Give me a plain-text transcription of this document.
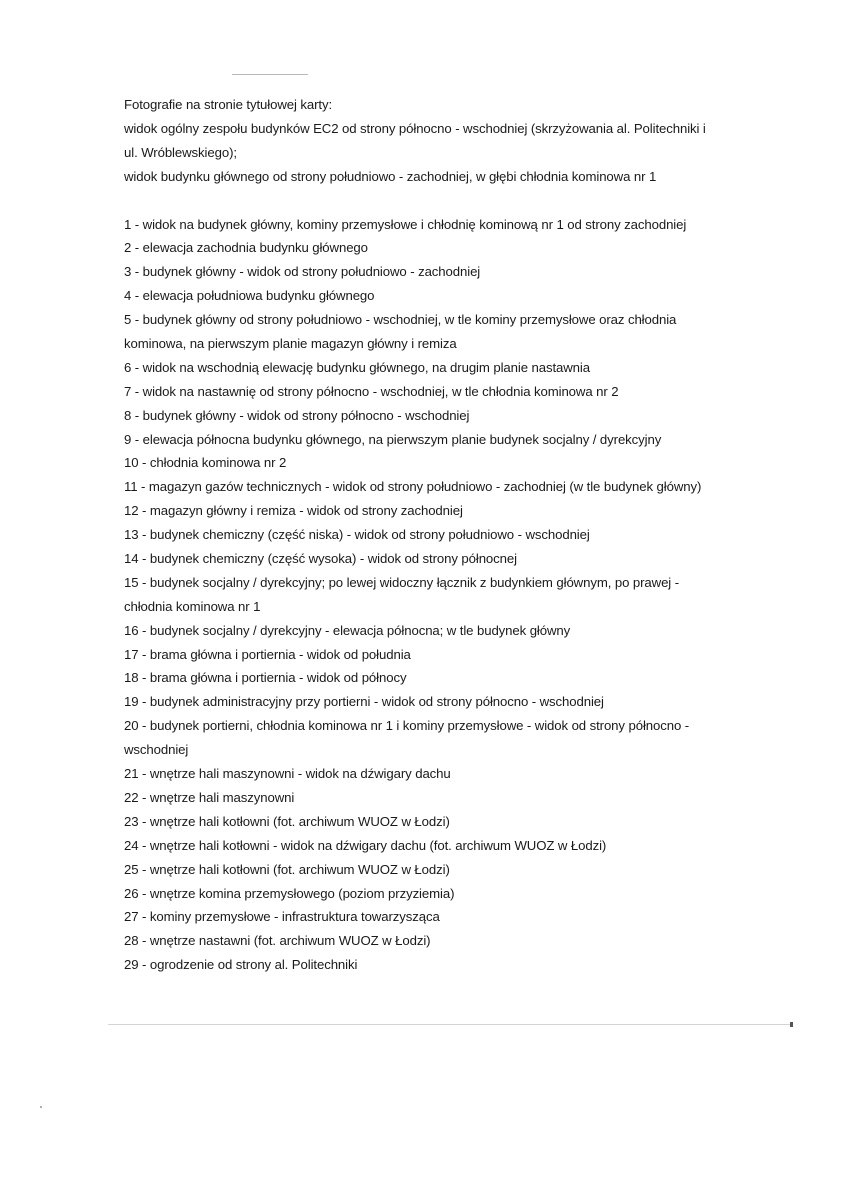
Fotografie na stronie tytułowej karty:
widok ogólny zespołu budynków EC2 od strony północno - wschodniej (skrzyżowania al. Politechniki i
ul. Wróblewskiego);
widok budynku głównego od strony południowo - zachodniej, w głębi chłodnia kominowa nr 1
1 - widok na budynek główny, kominy przemysłowe i chłodnię kominową nr 1 od strony zachodniej
2 - elewacja zachodnia budynku głównego
3 - budynek główny - widok od strony południowo - zachodniej
4 - elewacja południowa budynku głównego
5 - budynek główny od strony południowo - wschodniej, w tle kominy przemysłowe oraz chłodnia
kominowa, na pierwszym planie magazyn główny i remiza
6 - widok na wschodnią elewację budynku głównego, na drugim planie nastawnia
7 - widok na nastawnię od strony północno - wschodniej, w tle chłodnia kominowa nr 2
8 - budynek główny - widok od strony północno - wschodniej
9 - elewacja północna budynku głównego, na pierwszym planie budynek socjalny / dyrekcyjny
10 - chłodnia kominowa nr 2
11 - magazyn gazów technicznych - widok od strony południowo - zachodniej (w tle budynek główny)
12 - magazyn główny i remiza - widok od strony zachodniej
13 - budynek chemiczny (część niska) - widok od strony południowo - wschodniej
14 - budynek chemiczny (część wysoka) - widok od strony północnej
15 - budynek socjalny / dyrekcyjny; po lewej widoczny łącznik z budynkiem głównym, po prawej -
chłodnia kominowa nr 1
16 - budynek socjalny / dyrekcyjny - elewacja północna; w tle budynek główny
17 - brama główna i portiernia - widok od południa
18 - brama główna i portiernia - widok od północy
19 - budynek administracyjny przy portierni - widok od strony północno - wschodniej
20 - budynek portierni, chłodnia kominowa nr 1 i kominy przemysłowe - widok od strony północno -
wschodniej
21 - wnętrze hali maszynowni - widok na dźwigary dachu
22 - wnętrze hali maszynowni
23 - wnętrze hali kotłowni (fot. archiwum WUOZ w Łodzi)
24 - wnętrze hali kotłowni - widok na dźwigary dachu (fot. archiwum WUOZ w Łodzi)
25 - wnętrze hali kotłowni (fot. archiwum WUOZ w Łodzi)
26 - wnętrze komina przemysłowego (poziom przyziemia)
27 - kominy przemysłowe - infrastruktura towarzysząca
28 - wnętrze nastawni (fot. archiwum WUOZ w Łodzi)
29 - ogrodzenie od strony al. Politechniki
